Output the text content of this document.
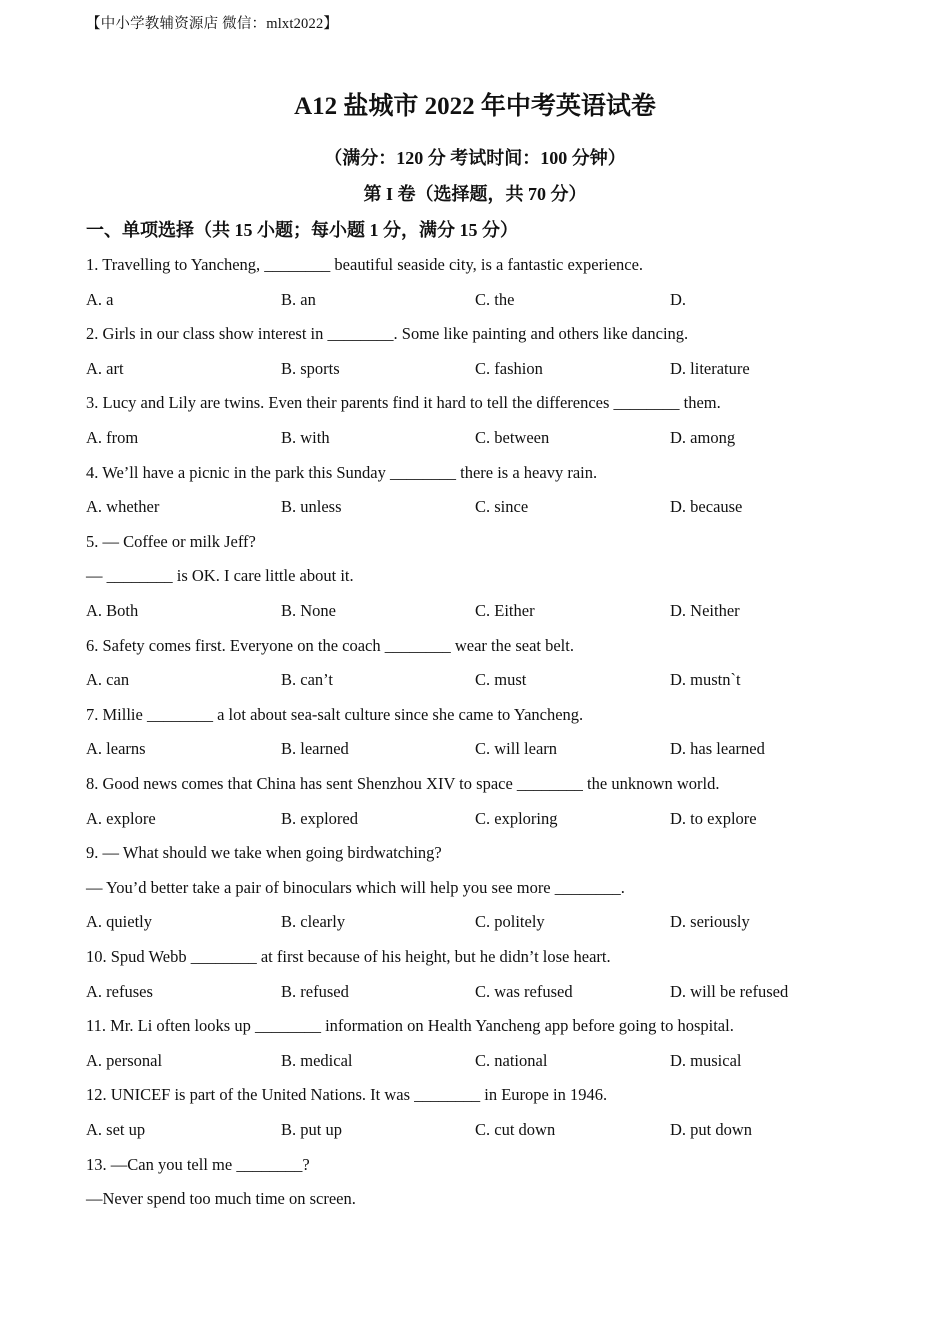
【中小学教辅资源店 微信：mlxt2022】
A12 盐城市 2022 年中考英语试卷
（满分：120 分 考试时间：100 分钟）
第 I 卷（选择题，共 70 分）
一、单项选择（共 15 小题；每小题 1 分，满分 15 分）
1. Travelling to Yancheng, ________ beautiful seaside city, is a fantastic experience.
A. a	B. an	C. the	D.
2. Girls in our class show interest in ________. Some like painting and others like dancing.
A. art	B. sports	C. fashion	D. literature
3. Lucy and Lily are twins. Even their parents find it hard to tell the differences ________ them.
A. from	B. with	C. between	D. among
4. We’ll have a picnic in the park this Sunday ________ there is a heavy rain.
A. whether	B. unless	C. since	D. because
5. — Coffee or milk Jeff?
— ________ is OK. I care little about it.
A. Both	B. None	C. Either	D. Neither
6. Safety comes first. Everyone on the coach ________ wear the seat belt.
A. can	B. can’t	C. must	D. mustn`t
7. Millie ________ a lot about sea-salt culture since she came to Yancheng.
A. learns	B. learned	C. will learn	D. has learned
8. Good news comes that China has sent Shenzhou XIV to space ________ the unknown world.
A. explore	B. explored	C. exploring	D. to explore
9. — What should we take when going birdwatching?
— You’d better take a pair of binoculars which will help you see more ________.
A. quietly	B. clearly	C. politely	D. seriously
10. Spud Webb ________ at first because of his height, but he didn’t lose heart.
A. refuses	B. refused	C. was refused	D. will be refused
11. Mr. Li often looks up ________ information on Health Yancheng app before going to hospital.
A. personal	B. medical	C. national	D. musical
12. UNICEF is part of the United Nations. It was ________ in Europe in 1946.
A. set up	B. put up	C. cut down	D. put down
13. —Can you tell me ________?
—Never spend too much time on screen.
